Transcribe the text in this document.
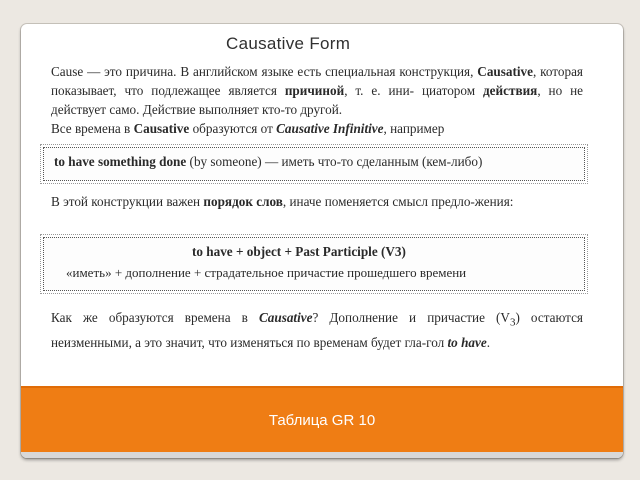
Causative Form
Cause — это причина. В английском языке есть специальная конструкция, Causative, которая показывает, что подлежащее является причиной, т. е. ини- циатором действия, но не действует само. Действие выполняет кто-то другой.
Все времена в Causative образуются от Causative Infinitive, например
to have something done (by someone) — иметь что-то сделанным (кем-либо)
В этой конструкции важен порядок слов, иначе поменяется смысл предло-жения:
to have + object + Past Participle (V3)
«иметь» + дополнение + страдательное причастие прошедшего времени
Как же образуются времена в Causative? Дополнение и причастие $(V_3)$ остаются неизменными, а это значит, что изменяться по временам будет гла-гол to have.
Таблица GR 10
